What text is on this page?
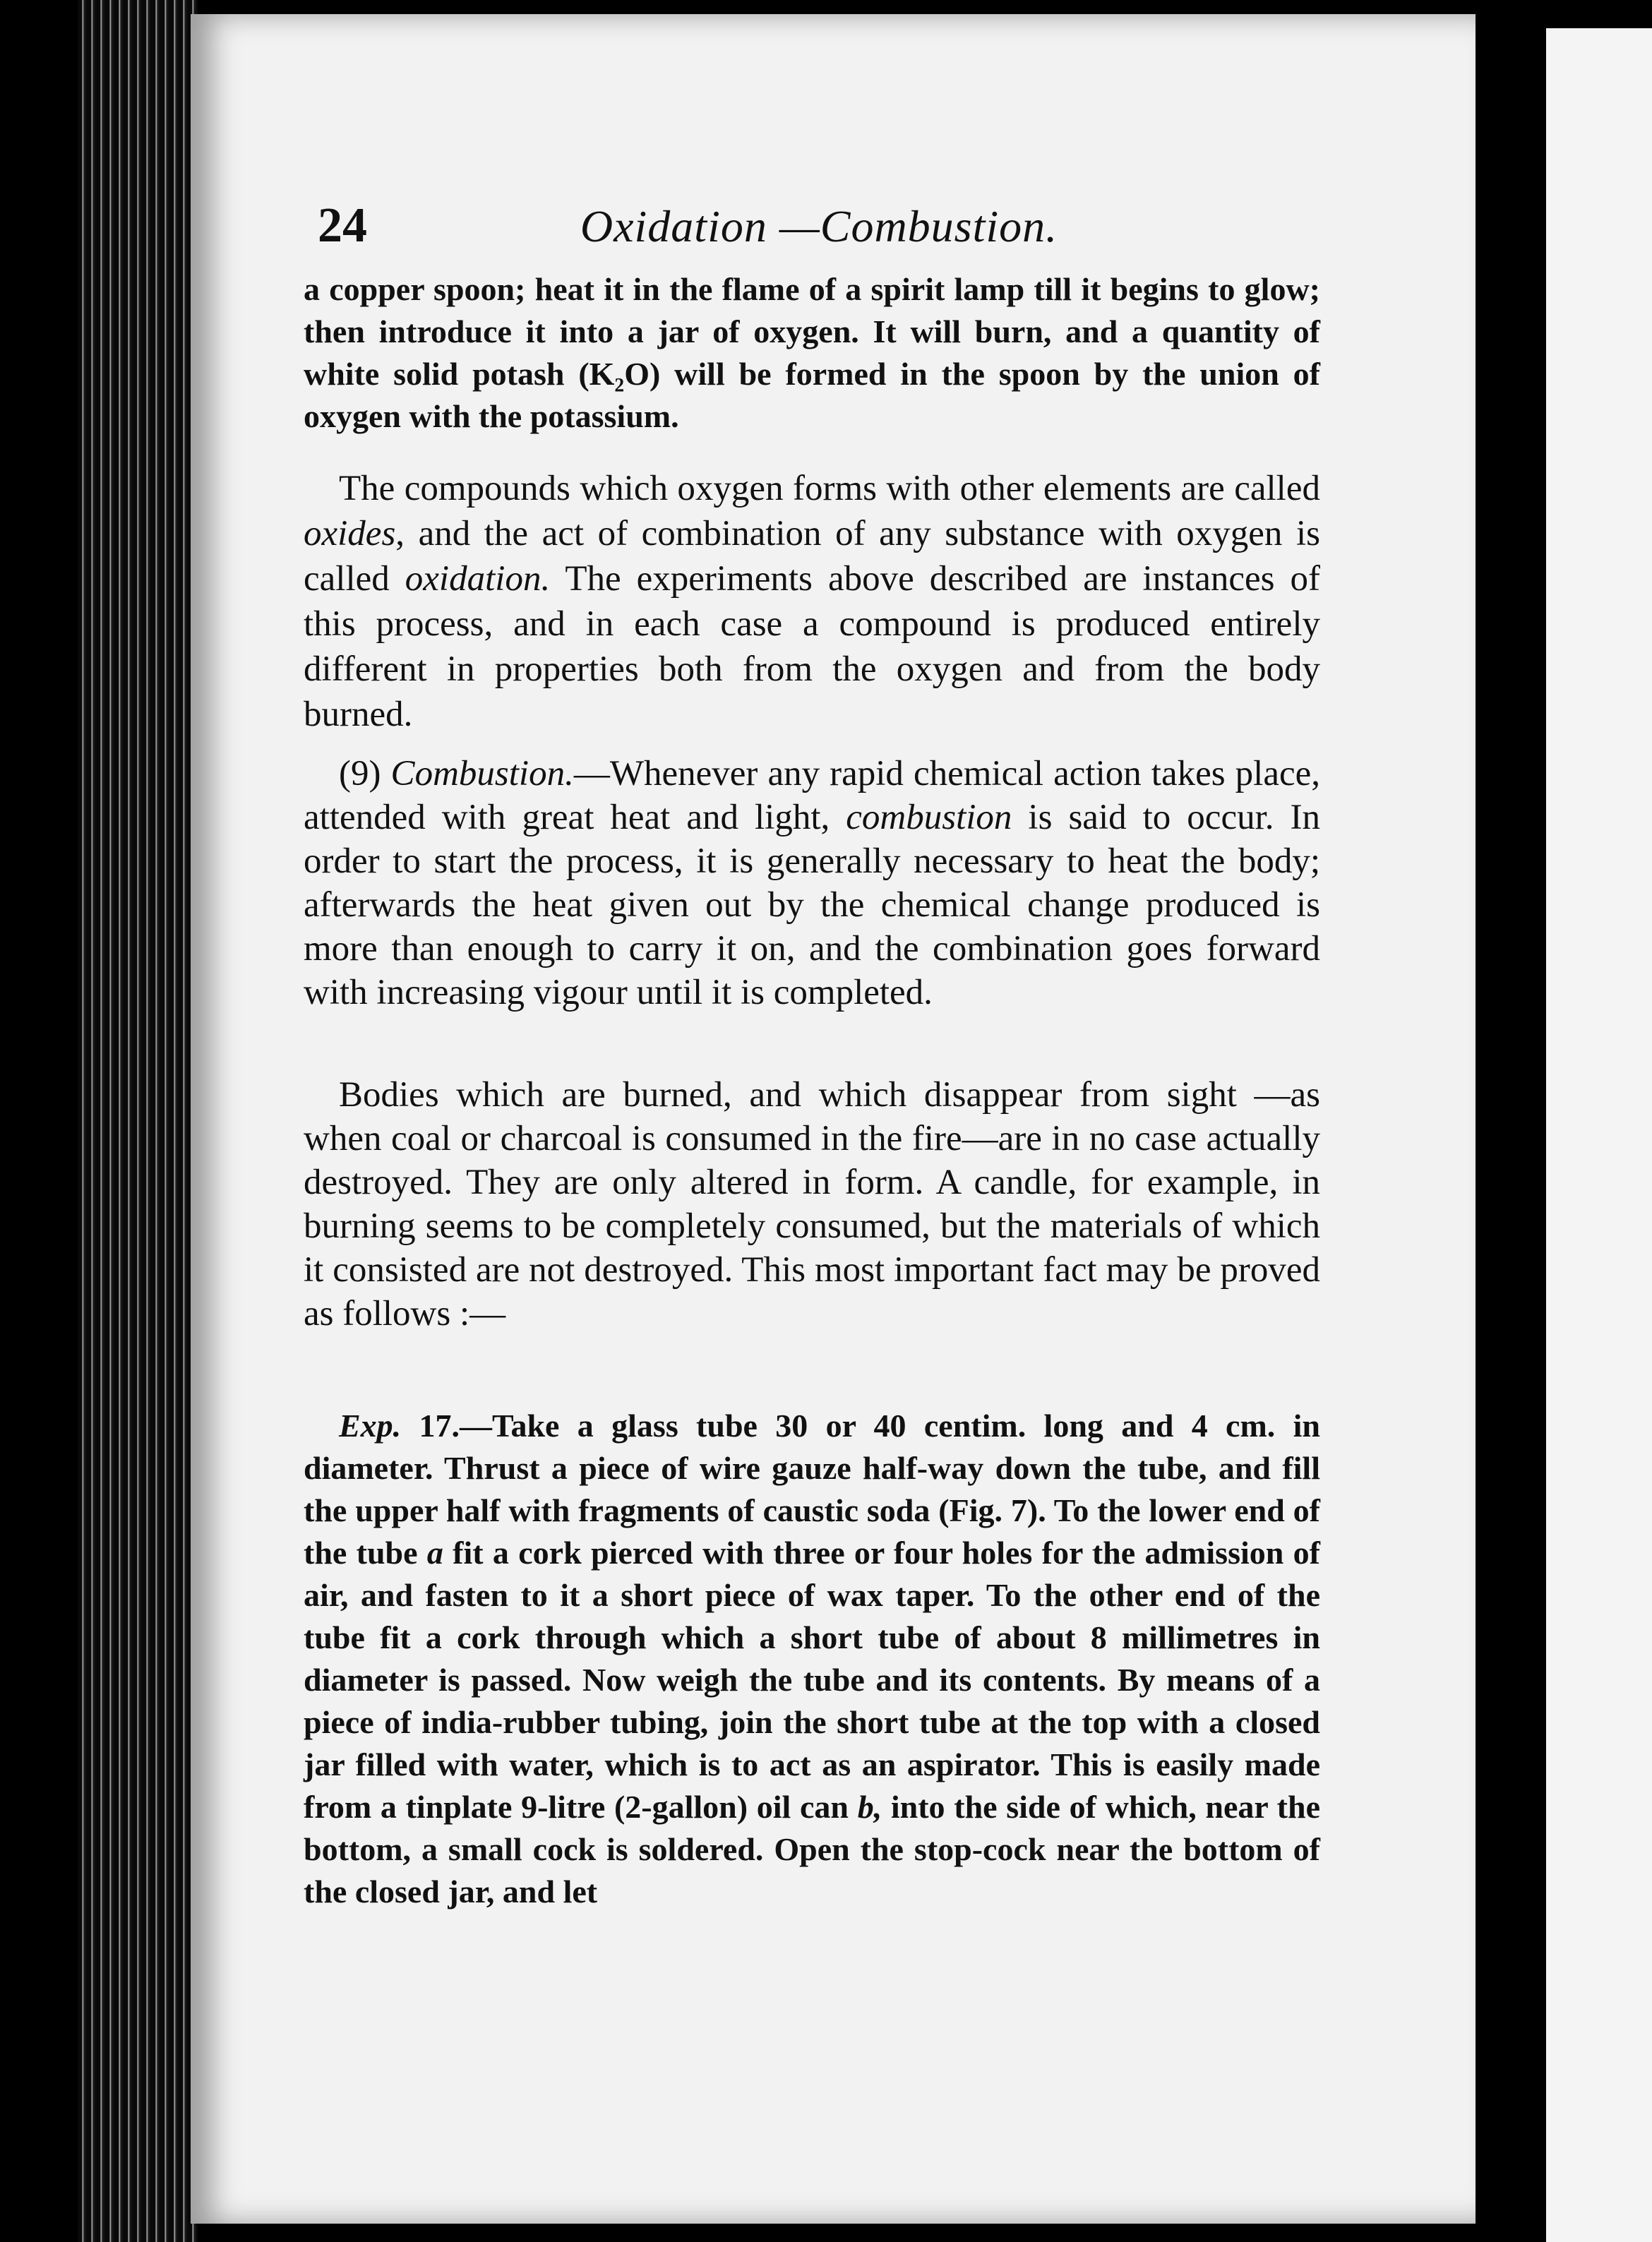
24	Oxidation —Combustion.

a copper spoon; heat it in the flame of a spirit lamp till it begins to glow; then introduce it into a jar of oxygen. It will burn, and a quantity of white solid potash (K₂O) will be formed in the spoon by the union of oxygen with the potassium.

The compounds which oxygen forms with other elements are called oxides, and the act of combination of any substance with oxygen is called oxidation. The experiments above described are instances of this process, and in each case a compound is produced entirely different in properties both from the oxygen and from the body burned.

(9) Combustion.—Whenever any rapid chemical action takes place, attended with great heat and light, combustion is said to occur. In order to start the process, it is generally necessary to heat the body; afterwards the heat given out by the chemical change produced is more than enough to carry it on, and the combination goes forward with increasing vigour until it is completed.

Bodies which are burned, and which disappear from sight —as when coal or charcoal is consumed in the fire—are in no case actually destroyed. They are only altered in form. A candle, for example, in burning seems to be completely consumed, but the materials of which it consisted are not destroyed. This most important fact may be proved as follows :—

Exp. 17.—Take a glass tube 30 or 40 centim. long and 4 cm. in diameter. Thrust a piece of wire gauze half-way down the tube, and fill the upper half with fragments of caustic soda (Fig. 7). To the lower end of the tube a fit a cork pierced with three or four holes for the admission of air, and fasten to it a short piece of wax taper. To the other end of the tube fit a cork through which a short tube of about 8 millimetres in diameter is passed. Now weigh the tube and its contents. By means of a piece of india-rubber tubing, join the short tube at the top with a closed jar filled with water, which is to act as an aspirator. This is easily made from a tinplate 9-litre (2-gallon) oil can b, into the side of which, near the bottom, a small cock is soldered. Open the stop-cock near the bottom of the closed jar, and let
